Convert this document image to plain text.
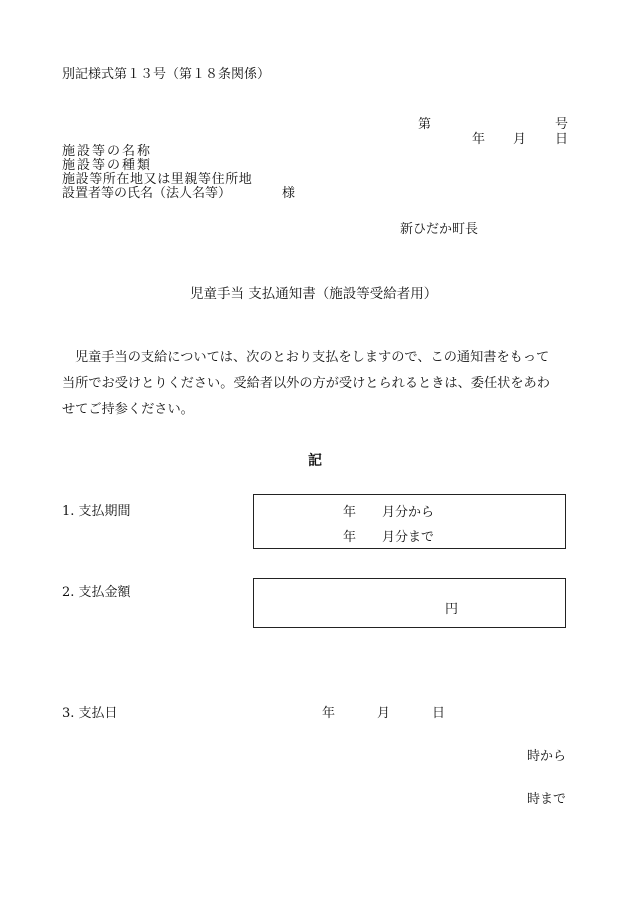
別記様式第１３号（第１８条関係）
第	号
年 月 日
施設等の名称
施設等の種類
施設等所在地又は里親等住所地
設置者等の氏名（法人名等）	様
新ひだか町長
児童手当 支払通知書（施設等受給者用）

児童手当の支給については、次のとおり支払をしますので、この通知書をもって

当所でお受けとりください。受給者以外の方が受けとられるときは、委任状をあわ

せてご持参ください。

記
1. 支払期間	年 月分から
年 月分まで
2. 支払金額
円
3. 支払日	年	月	日
時から
時まで
